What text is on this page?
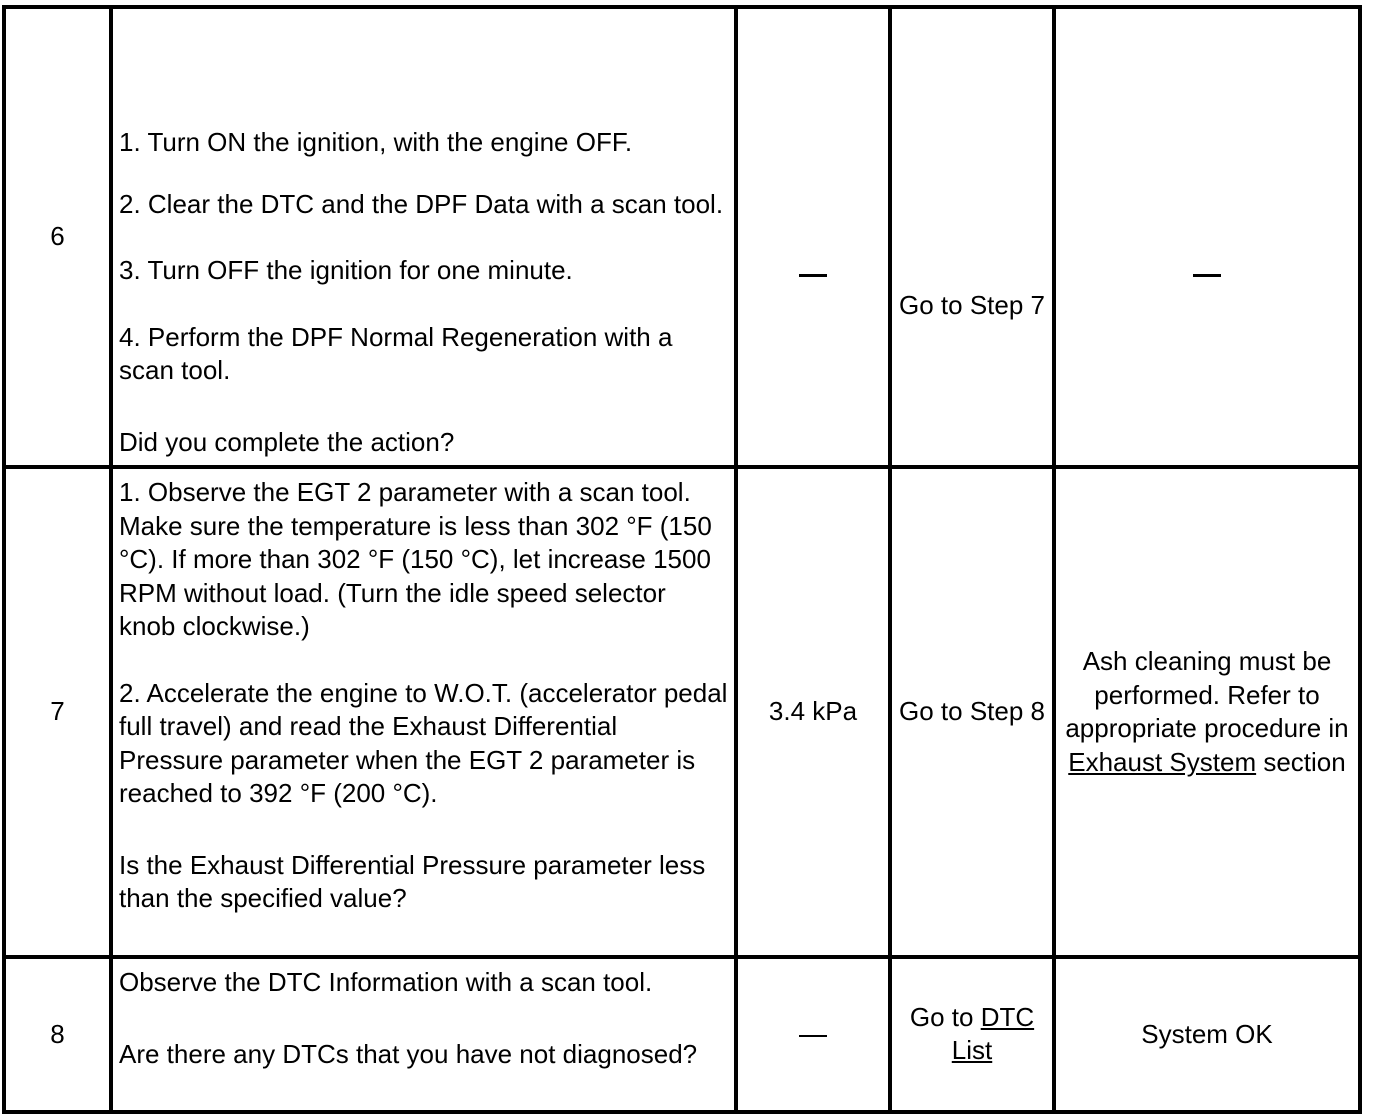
6	1. Turn ON the ignition, with the engine OFF.
2. Clear the DTC and the DPF Data with a scan tool.
3. Turn OFF the ignition for one minute.
4. Perform the DPF Normal Regeneration with a scan tool.
Did you complete the action?		Go to Step 7	
7	1. Observe the EGT 2 parameter with a scan tool. Make sure the temperature is less than 302 °F (150 °C). If more than 302 °F (150 °C), let increase 1500 RPM without load. (Turn the idle speed selector knob clockwise.)
2. Accelerate the engine to W.O.T. (accelerator pedal full travel) and read the Exhaust Differential Pressure parameter when the EGT 2 parameter is reached to 392 °F (200 °C).
Is the Exhaust Differential Pressure parameter less than the specified value?	3.4 kPa	Go to Step 8	Ash cleaning must be performed. Refer to appropriate procedure in Exhaust System section
8	Observe the DTC Information with a scan tool.
Are there any DTCs that you have not diagnosed?		Go to DTC List	System OK
